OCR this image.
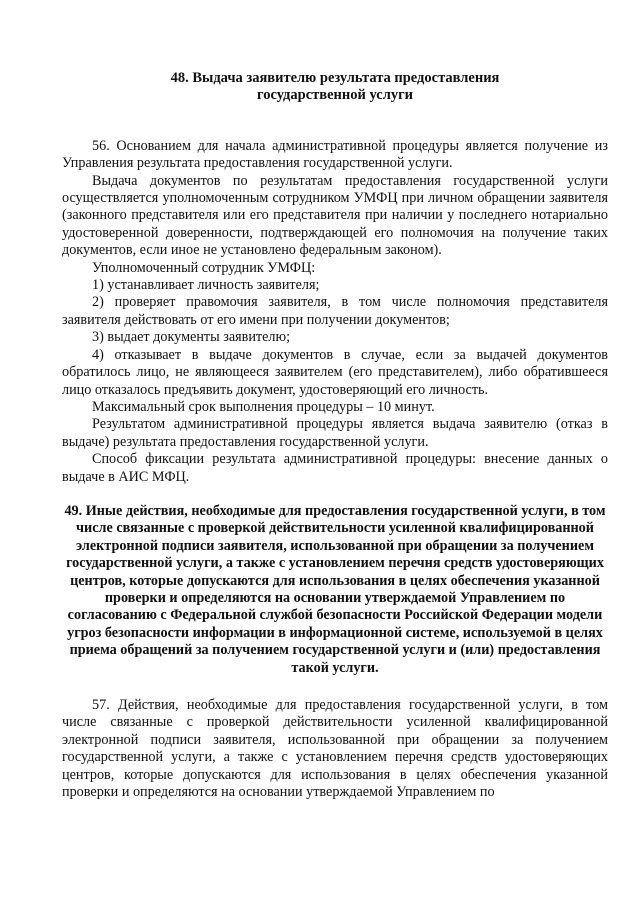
48. Выдача заявителю результата предоставления
государственной услуги

56. Основанием для начала административной процедуры является получение из Управления результата предоставления государственной услуги.

Выдача документов по результатам предоставления государственной услуги осуществляется уполномоченным сотрудником УМФЦ при личном обращении заявителя (законного представителя или его представителя при наличии у последнего нотариально удостоверенной доверенности, подтверждающей его полномочия на получение таких документов, если иное не установлено федеральным законом).

Уполномоченный сотрудник УМФЦ:

1) устанавливает личность заявителя;

2) проверяет правомочия заявителя, в том числе полномочия представителя заявителя действовать от его имени при получении документов;

3) выдает документы заявителю;

4) отказывает в выдаче документов в случае, если за выдачей документов обратилось лицо, не являющееся заявителем (его представителем), либо обратившееся лицо отказалось предъявить документ, удостоверяющий его личность.

Максимальный срок выполнения процедуры – 10 минут.

Результатом административной процедуры является выдача заявителю (отказ в выдаче) результата предоставления государственной услуги.

Способ фиксации результата административной процедуры: внесение данных о выдаче в АИС МФЦ.

49. Иные действия, необходимые для предоставления государственной услуги, в том числе связанные с проверкой действительности усиленной квалифицированной электронной подписи заявителя, использованной при обращении за получением государственной услуги, а также с установлением перечня средств удостоверяющих центров, которые допускаются для использования в целях обеспечения указанной проверки и определяются на основании утверждаемой Управлением по согласованию с Федеральной службой безопасности Российской Федерации модели угроз безопасности информации в информационной системе, используемой в целях приема обращений за получением государственной услуги и (или) предоставления такой услуги.

57. Действия, необходимые для предоставления государственной услуги, в том числе связанные с проверкой действительности усиленной квалифицированной электронной подписи заявителя, использованной при обращении за получением государственной услуги, а также с установлением перечня средств удостоверяющих центров, которые допускаются для использования в целях обеспечения указанной проверки и определяются на основании утверждаемой Управлением по
